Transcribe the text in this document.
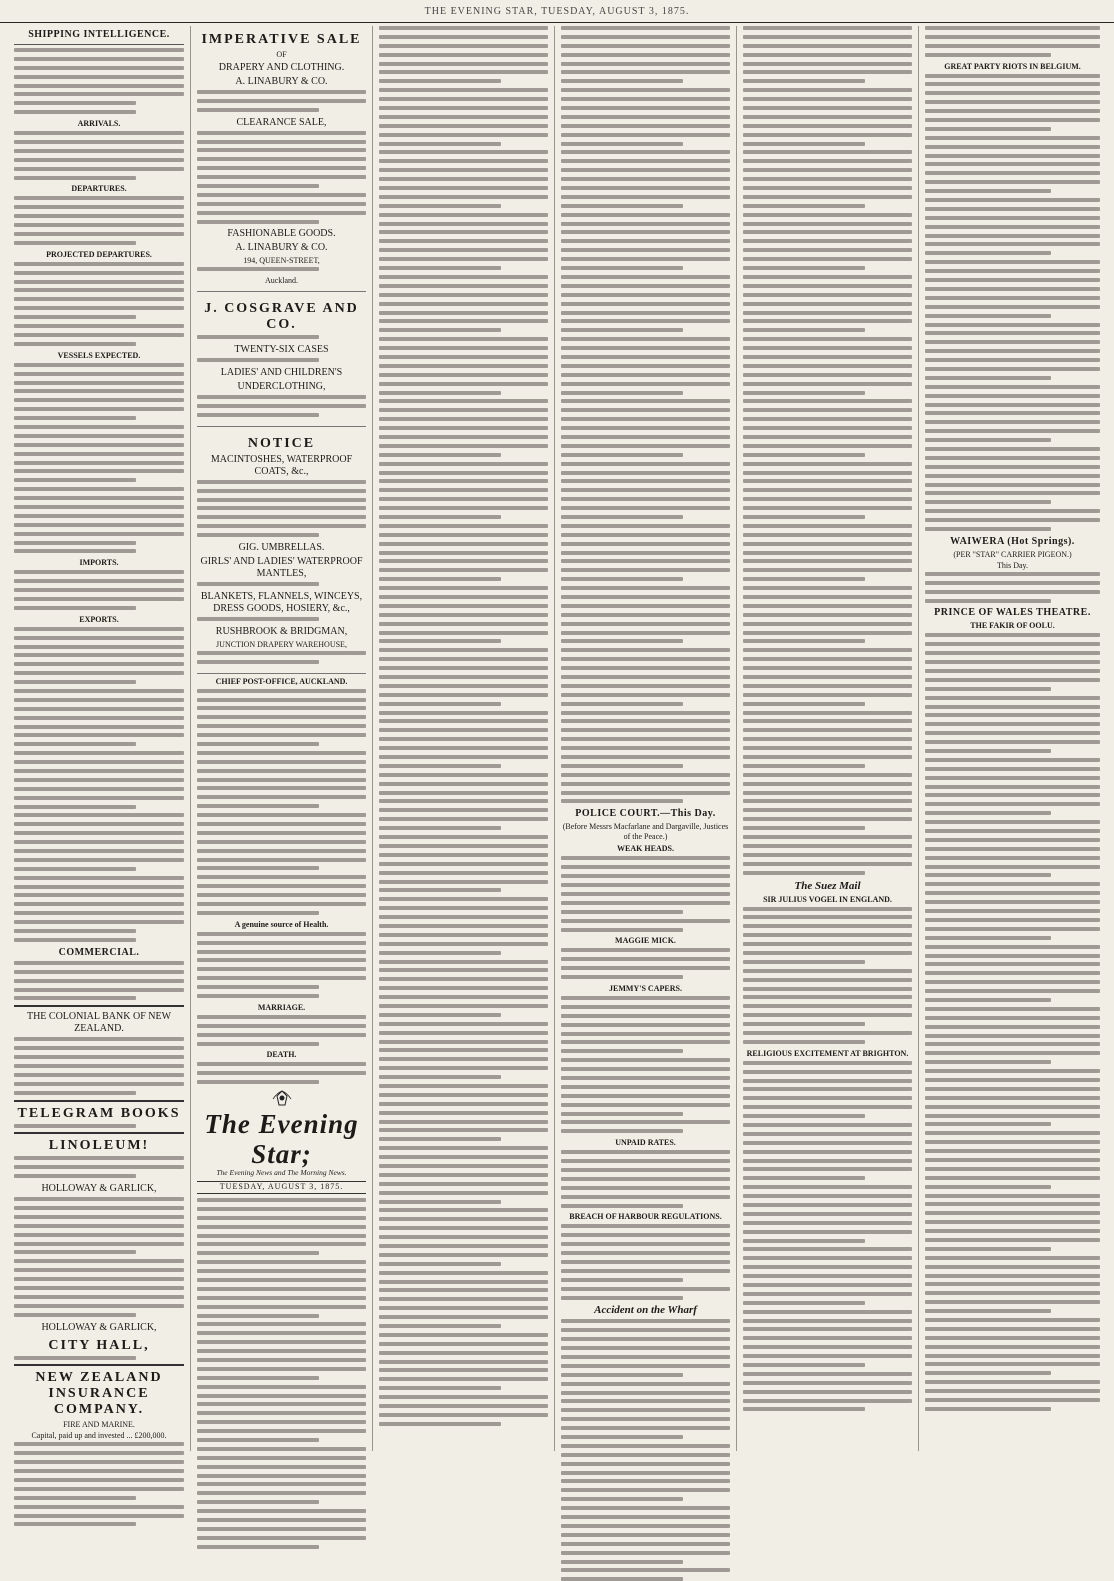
THE EVENING STAR, TUESDAY, AUGUST 3, 1875.
SHIPPING INTELLIGENCE.
ARRIVALS.
DEPARTURES.
PROJECTED DEPARTURES.
VESSELS EXPECTED.
IMPORTS.
EXPORTS.
COMMERCIAL.
THE COLONIAL BANK OF NEW ZEALAND.
TELEGRAM BOOKS
LINOLEUM!
HOLLOWAY & GARLICK,
HOLLOWAY & GARLICK,
CITY HALL,
NEW ZEALAND INSURANCE COMPANY.
FIRE AND MARINE.
Capital, paid up and invested ... £200,000.
IMPERATIVE SALE
OF
DRAPERY AND CLOTHING.
A. LINABURY & CO.
CLEARANCE SALE,
FASHIONABLE GOODS.
A. LINABURY & CO.
194, QUEEN-STREET,
Auckland.
J. COSGRAVE AND CO.
TWENTY-SIX CASES
LADIES' AND CHILDREN'S
UNDERCLOTHING,
NOTICE
MACINTOSHES, WATERPROOF COATS, &c.,
GIG. UMBRELLAS.
GIRLS' AND LADIES' WATERPROOF MANTLES,
BLANKETS, FLANNELS, WINCEYS, DRESS GOODS, HOSIERY, &c.,
RUSHBROOK & BRIDGMAN,
JUNCTION DRAPERY WAREHOUSE,
CHIEF POST-OFFICE, AUCKLAND.
A genuine source of Health.
MARRIAGE.
DEATH.
The Evening Star;
The Evening News and The Morning News.
TUESDAY, AUGUST 3, 1875.
POLICE COURT.—This Day.
(Before Messrs Macfarlane and Dargaville, Justices of the Peace.)
WEAK HEADS.
MAGGIE MICK.
JEMMY'S CAPERS.
UNPAID RATES.
BREACH OF HARBOUR REGULATIONS.
Accident on the Wharf
The Suez Mail
SIR JULIUS VOGEL IN ENGLAND.
RELIGIOUS EXCITEMENT AT BRIGHTON.
GREAT PARTY RIOTS IN BELGIUM.
WAIWERA (Hot Springs).
(PER "STAR" CARRIER PIGEON.)
This Day.
PRINCE OF WALES THEATRE.
THE FAKIR OF OOLU.
